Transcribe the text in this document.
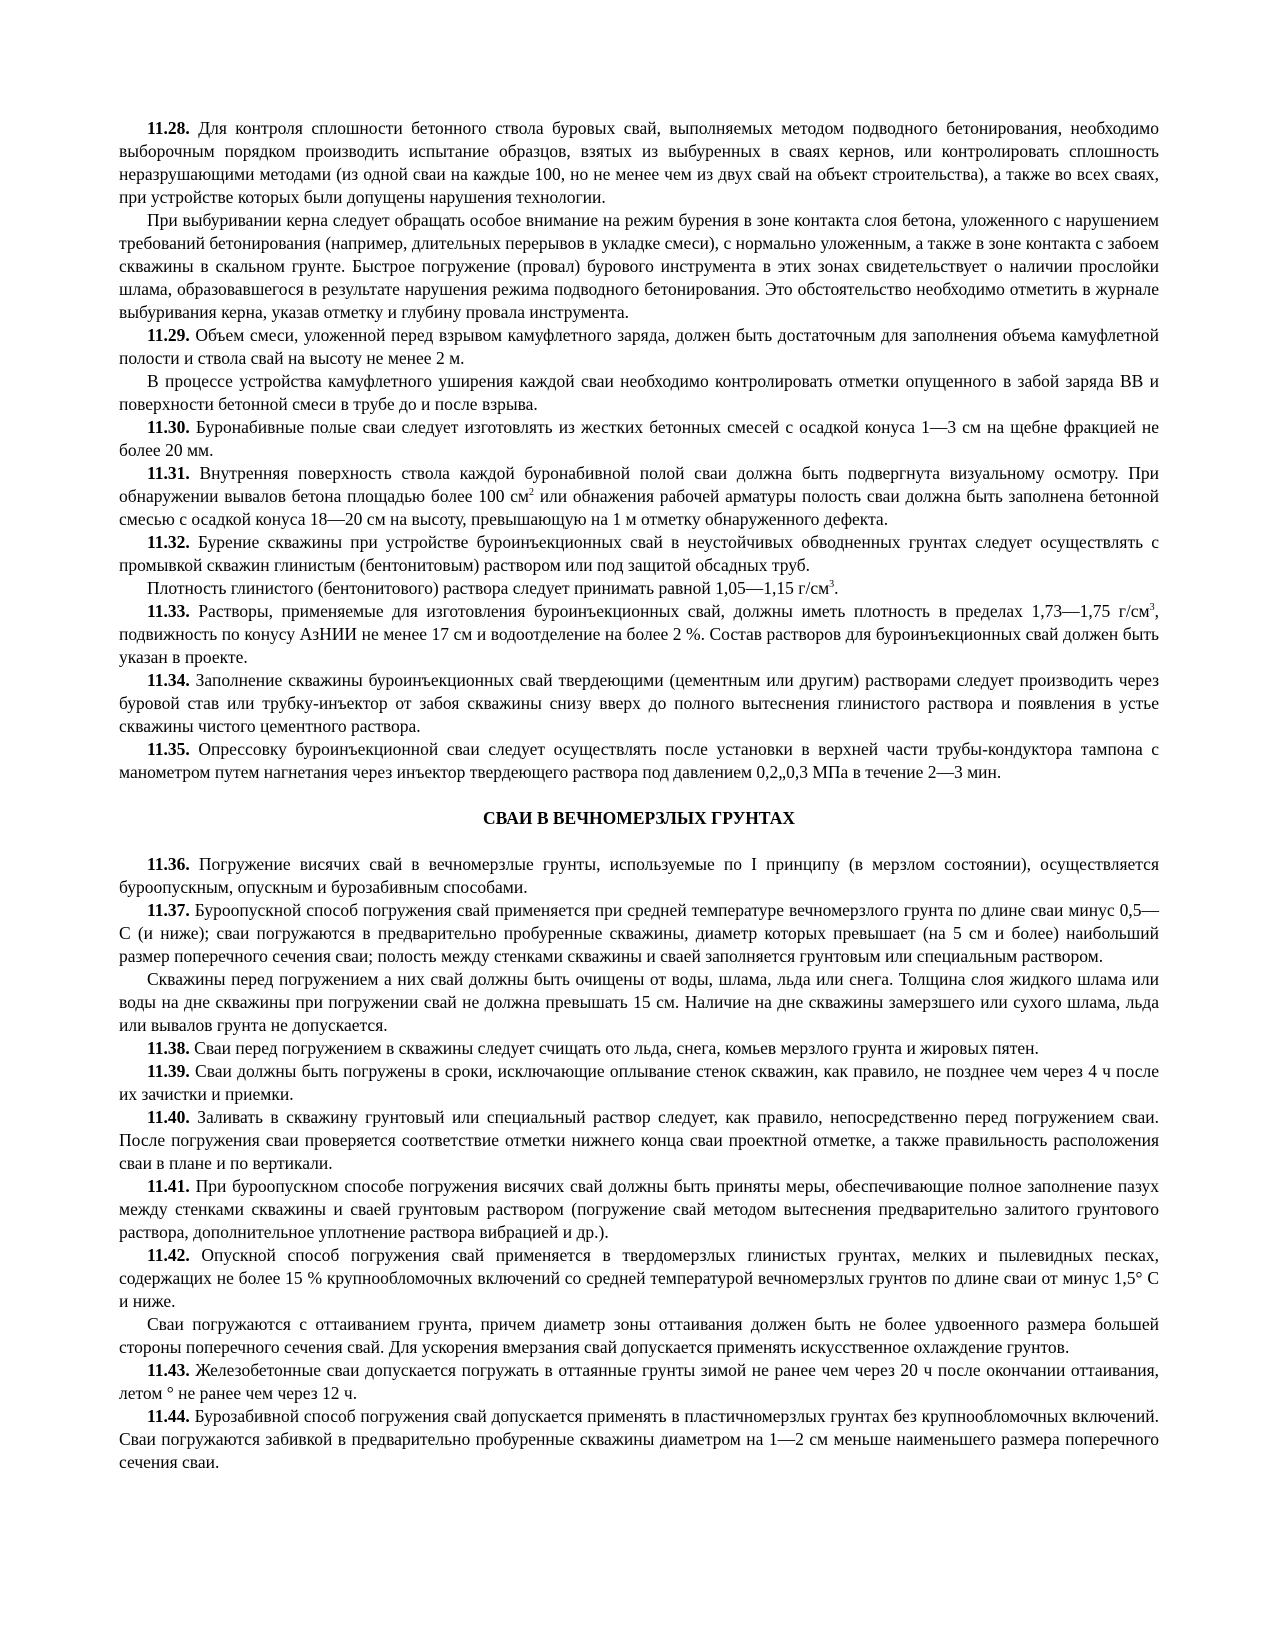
11.28. Для контроля сплошности бетонного ствола буровых свай, выполняемых методом подводного бетонирования, необходимо выборочным порядком производить испытание образцов, взятых из выбуренных в сваях кернов, или контролировать сплошность неразрушающими методами (из одной сваи на каждые 100, но не менее чем из двух свай на объект строительства), а также во всех сваях, при устройстве которых были допущены нарушения технологии.

При выбуривании керна следует обращать особое внимание на режим бурения в зоне контакта слоя бетона, уложенного с нарушением требований бетонирования (например, длительных перерывов в укладке смеси), с нормально уложенным, а также в зоне контакта с забоем скважины в скальном грунте. Быстрое погружение (провал) бурового инструмента в этих зонах свидетельствует о наличии прослойки шлама, образовавшегося в результате нарушения режима подводного бетонирования. Это обстоятельство необходимо отметить в журнале выбуривания керна, указав отметку и глубину провала инструмента.

11.29. Объем смеси, уложенной перед взрывом камуфлетного заряда, должен быть достаточным для заполнения объема камуфлетной полости и ствола свай на высоту не менее 2 м.

В процессе устройства камуфлетного уширения каждой сваи необходимо контролировать отметки опущенного в забой заряда ВВ и поверхности бетонной смеси в трубе до и после взрыва.

11.30. Буронабивные полые сваи следует изготовлять из жестких бетонных смесей с осадкой конуса 1—3 см на щебне фракцией не более 20 мм.

11.31. Внутренняя поверхность ствола каждой буронабивной полой сваи должна быть подвергнута визуальному осмотру. При обнаружении вывалов бетона площадью более 100 $см^2$ или обнажения рабочей арматуры полость сваи должна быть заполнена бетонной смесью с осадкой конуса 18—20 см на высоту, превышающую на 1 м отметку обнаруженного дефекта.

11.32. Бурение скважины при устройстве буроинъекционных свай в неустойчивых обводненных грунтах следует осуществлять с промывкой скважин глинистым (бентонитовым) раствором или под защитой обсадных труб.

Плотность глинистого (бентонитового) раствора следует принимать равной 1,05—1,15 $г/см^3$.

11.33. Растворы, применяемые для изготовления буроинъекционных свай, должны иметь плотность в пределах 1,73—1,75 $г/см^3$, подвижность по конусу АзНИИ не менее 17 см и водоотделение на более 2 %. Состав растворов для буроинъекционных свай должен быть указан в проекте.

11.34. Заполнение скважины буроинъекционных свай твердеющими (цементным или другим) растворами следует производить через буровой став или трубку-инъектор от забоя скважины снизу вверх до полного вытеснения глинистого раствора и появления в устье скважины чистого цементного раствора.

11.35. Опрессовку буроинъекционной сваи следует осуществлять после установки в верхней части трубы-кондуктора тампона с манометром путем нагнетания через инъектор твердеющего раствора под давлением 0,2„0,3 МПа в течение 2—3 мин.

СВАИ В ВЕЧНОМЕРЗЛЫХ ГРУНТАХ

11.36. Погружение висячих свай в вечномерзлые грунты, используемые по I принципу (в мерзлом состоянии), осуществляется буроопускным, опускным и бурозабивным способами.

11.37. Буроопускной способ погружения свай применяется при средней температуре вечномерзлого грунта по длине сваи минус 0,5— С (и ниже); сваи погружаются в предварительно пробуренные скважины, диаметр которых превышает (на 5 см и более) наибольший размер поперечного сечения сваи; полость между стенками скважины и сваей заполняется грунтовым или специальным раствором.

Скважины перед погружением а них свай должны быть очищены от воды, шлама, льда или снега. Толщина слоя жидкого шлама или воды на дне скважины при погружении свай не должна превышать 15 см. Наличие на дне скважины замерзшего или сухого шлама, льда или вывалов грунта не допускается.

11.38. Сваи перед погружением в скважины следует счищать ото льда, снега, комьев мерзлого грунта и жировых пятен.

11.39. Сваи должны быть погружены в сроки, исключающие оплывание стенок скважин, как правило, не позднее чем через 4 ч после их зачистки и приемки.

11.40. Заливать в скважину грунтовый или специальный раствор следует, как правило, непосредственно перед погружением сваи. После погружения сваи проверяется соответствие отметки нижнего конца сваи проектной отметке, а также правильность расположения сваи в плане и по вертикали.

11.41. При буроопускном способе погружения висячих свай должны быть приняты меры, обеспечивающие полное заполнение пазух между стенками скважины и сваей грунтовым раствором (погружение свай методом вытеснения предварительно залитого грунтового раствора, дополнительное уплотнение раствора вибрацией и др.).

11.42. Опускной способ погружения свай применяется в твердомерзлых глинистых грунтах, мелких и пылевидных песках, содержащих не более 15 % крупнообломочных включений со средней температурой вечномерзлых грунтов по длине сваи от минус 1,5° С и ниже.

Сваи погружаются с оттаиванием грунта, причем диаметр зоны оттаивания должен быть не более удвоенного размера большей стороны поперечного сечения свай. Для ускорения вмерзания свай допускается применять искусственное охлаждение грунтов.

11.43. Железобетонные сваи допускается погружать в оттаянные грунты зимой не ранее чем через 20 ч после окончании оттаивания, летом ° не ранее чем через 12 ч.

11.44. Бурозабивной способ погружения свай допускается применять в пластичномерзлых грунтах без крупнообломочных включений. Сваи погружаются забивкой в предварительно пробуренные скважины диаметром на 1—2 см меньше наименьшего размера поперечного сечения сваи.
